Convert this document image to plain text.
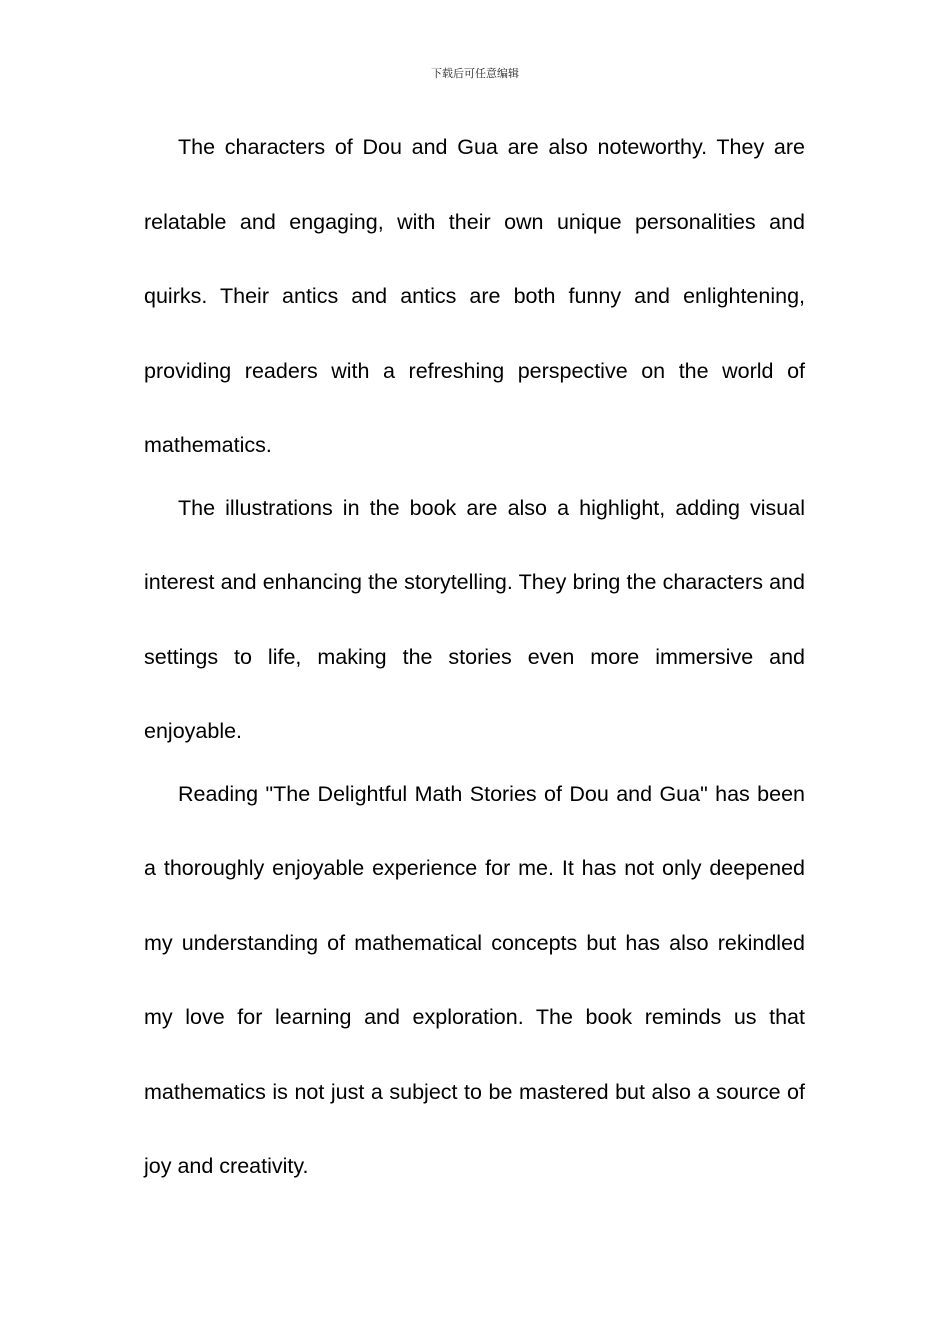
下载后可任意编辑

The characters of Dou and Gua are also noteworthy. They are relatable and engaging, with their own unique personalities and quirks. Their antics and antics are both funny and enlightening, providing readers with a refreshing perspective on the world of mathematics.

The illustrations in the book are also a highlight, adding visual interest and enhancing the storytelling. They bring the characters and settings to life, making the stories even more immersive and enjoyable.

Reading "The Delightful Math Stories of Dou and Gua" has been a thoroughly enjoyable experience for me. It has not only deepened my understanding of mathematical concepts but has also rekindled my love for learning and exploration. The book reminds us that mathematics is not just a subject to be mastered but also a source of joy and creativity.
